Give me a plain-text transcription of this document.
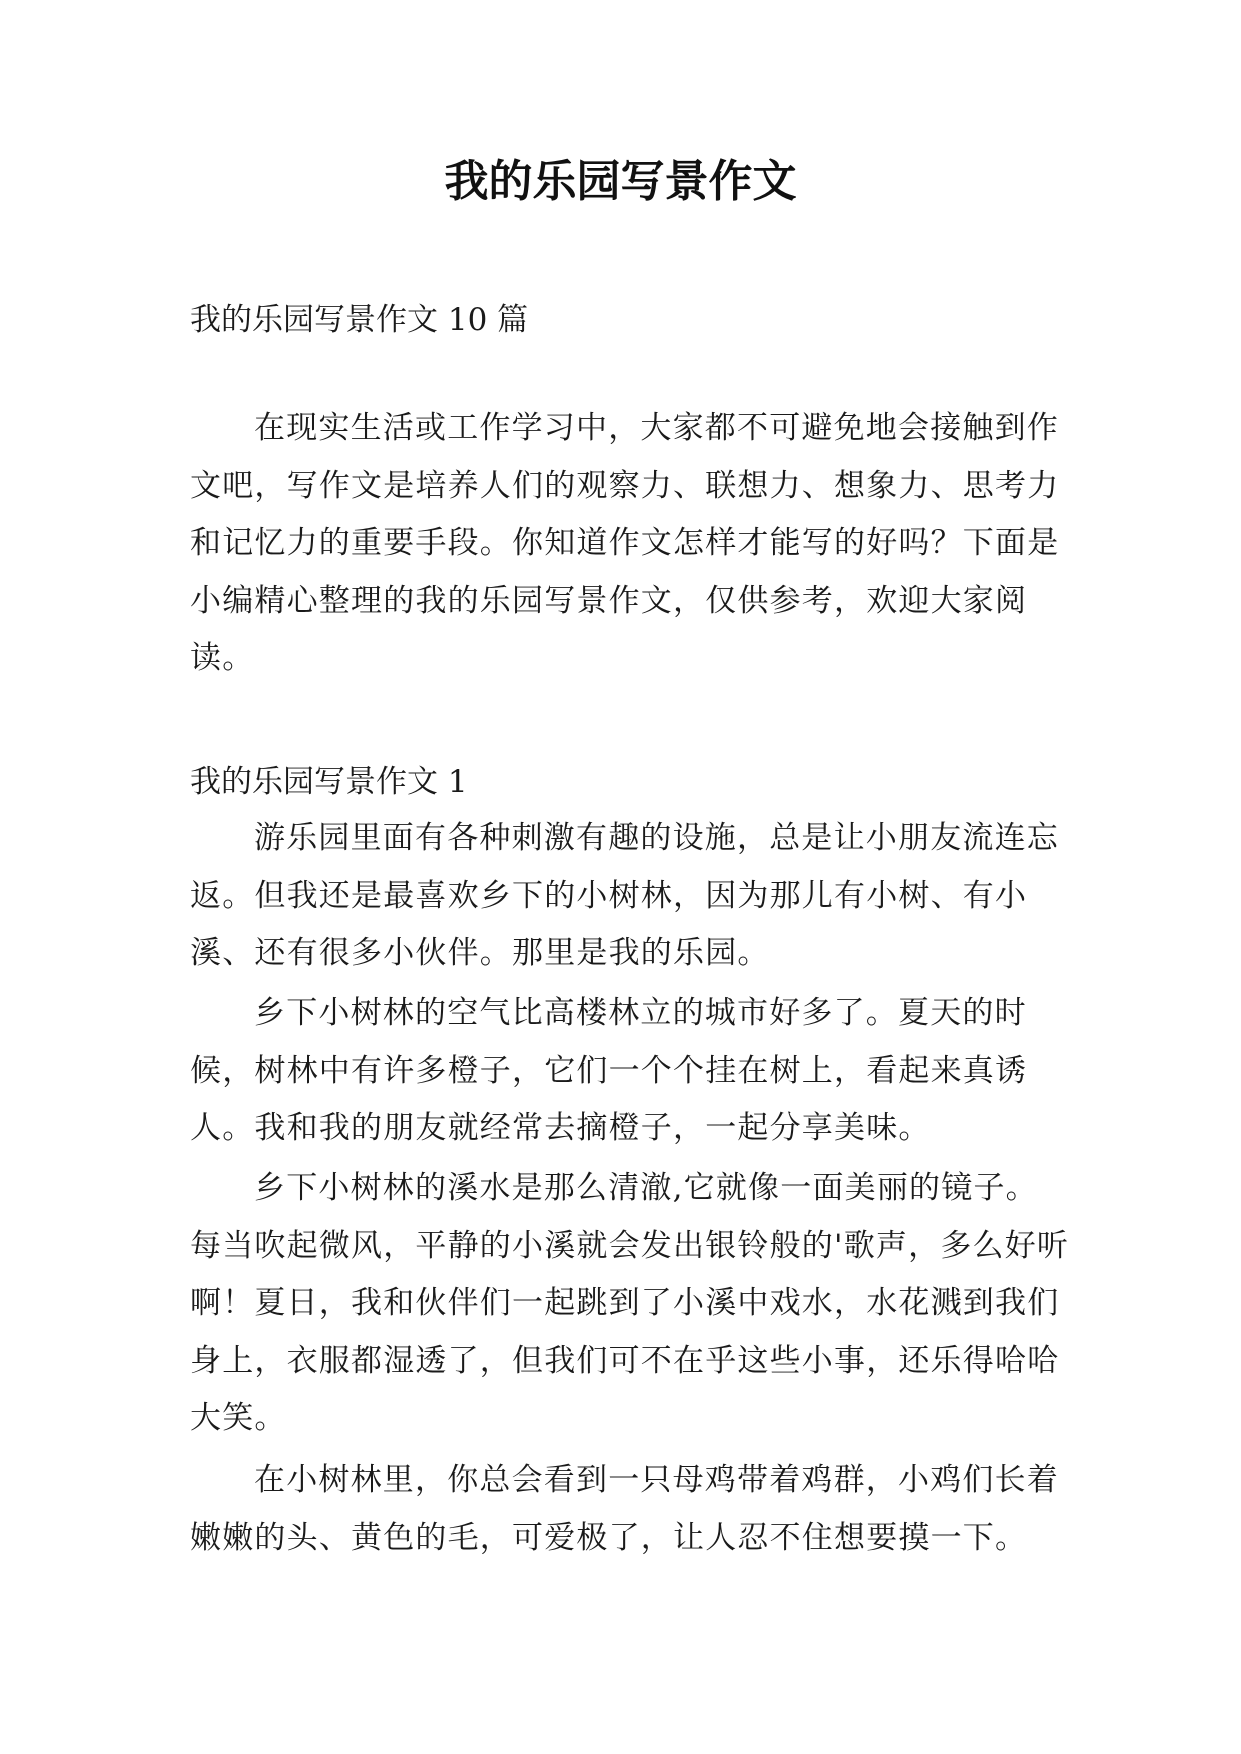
我的乐园写景作文

我的乐园写景作文 10 篇

在现实生活或工作学习中，大家都不可避免地会接触到作文吧，写作文是培养人们的观察力、联想力、想象力、思考力和记忆力的重要手段。你知道作文怎样才能写的好吗？下面是小编精心整理的我的乐园写景作文，仅供参考，欢迎大家阅读。

我的乐园写景作文 1

游乐园里面有各种刺激有趣的设施，总是让小朋友流连忘返。但我还是最喜欢乡下的小树林，因为那儿有小树、有小溪、还有很多小伙伴。那里是我的乐园。

乡下小树林的空气比高楼林立的城市好多了。夏天的时候，树林中有许多橙子，它们一个个挂在树上，看起来真诱人。我和我的朋友就经常去摘橙子，一起分享美味。

乡下小树林的溪水是那么清澈,它就像一面美丽的镜子。每当吹起微风，平静的小溪就会发出银铃般的'歌声，多么好听啊！夏日，我和伙伴们一起跳到了小溪中戏水，水花溅到我们身上，衣服都湿透了，但我们可不在乎这些小事，还乐得哈哈大笑。

在小树林里，你总会看到一只母鸡带着鸡群，小鸡们长着嫩嫩的头、黄色的毛，可爱极了，让人忍不住想要摸一下。
